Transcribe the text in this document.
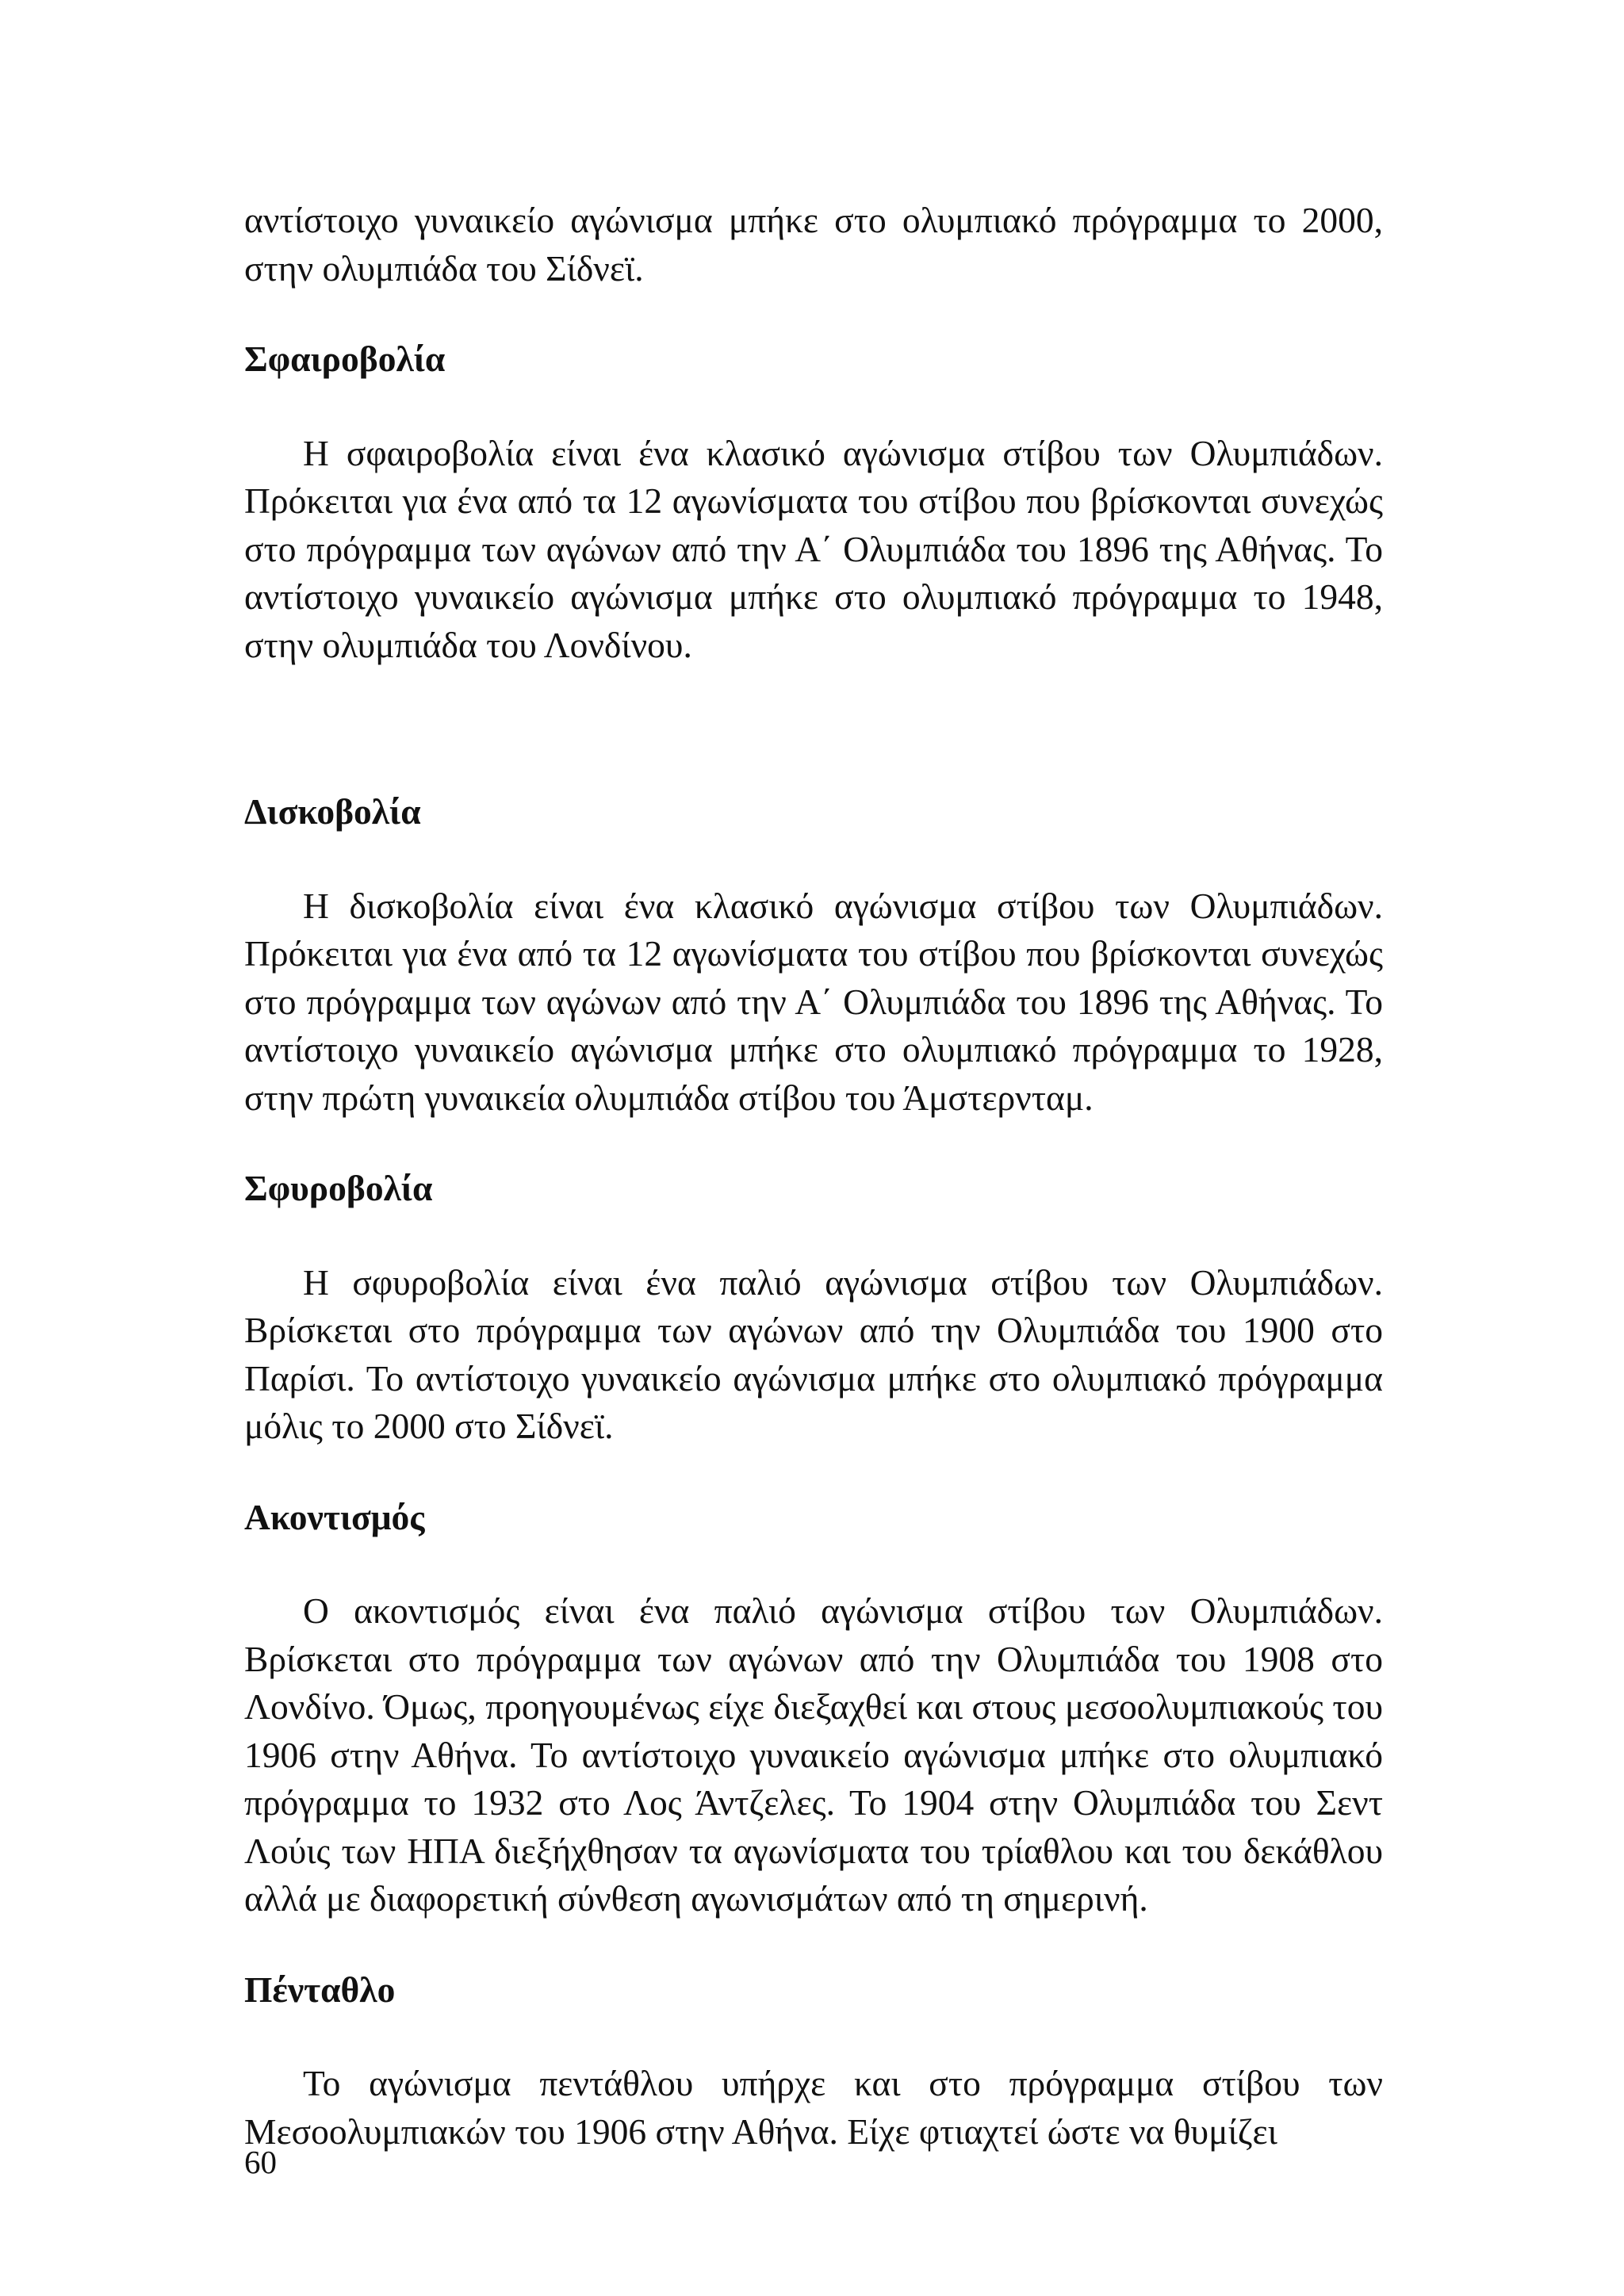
αντίστοιχο γυναικείο αγώνισμα μπήκε στο ολυμπιακό πρόγραμμα το 2000, στην ολυμπιάδα του Σίδνεϊ.

Σφαιροβολία

Η σφαιροβολία είναι ένα κλασικό αγώνισμα στίβου των Ολυμπιάδων. Πρόκειται για ένα από τα 12 αγωνίσματα του στίβου που βρίσκονται συνεχώς στο πρόγραμμα των αγώνων από την Α΄ Ολυμπιάδα του 1896 της Αθήνας. Το αντίστοιχο γυναικείο αγώνισμα μπήκε στο ολυμπιακό πρόγραμμα το 1948, στην ολυμπιάδα του Λονδίνου.

Δισκοβολία

Η δισκοβολία είναι ένα κλασικό αγώνισμα στίβου των Ολυμπιάδων. Πρόκειται για ένα από τα 12 αγωνίσματα του στίβου που βρίσκονται συνεχώς στο πρόγραμμα των αγώνων από την Α΄ Ολυμπιάδα του 1896 της Αθήνας. Το αντίστοιχο γυναικείο αγώνισμα μπήκε στο ολυμπιακό πρόγραμμα το 1928, στην πρώτη γυναικεία ολυμπιάδα στίβου του Άμστερνταμ.

Σφυροβολία

Η σφυροβολία είναι ένα παλιό αγώνισμα στίβου των Ολυμπιάδων. Βρίσκεται στο πρόγραμμα των αγώνων από την Ολυμπιάδα του 1900 στο Παρίσι. Το αντίστοιχο γυναικείο αγώνισμα μπήκε στο ολυμπιακό πρόγραμμα μόλις το 2000 στο Σίδνεϊ.

Ακοντισμός

Ο ακοντισμός είναι ένα παλιό αγώνισμα στίβου των Ολυμπιάδων. Βρίσκεται στο πρόγραμμα των αγώνων από την Ολυμπιάδα του 1908 στο Λονδίνο. Όμως, προηγουμένως είχε διεξαχθεί και στους μεσοολυμπιακούς του 1906 στην Αθήνα. Το αντίστοιχο γυναικείο αγώνισμα μπήκε στο ολυμπιακό πρόγραμμα το 1932 στο Λος Άντζελες. Το 1904 στην Ολυμπιάδα του Σεντ Λούις των ΗΠΑ διεξήχθησαν τα αγωνίσματα του τρίαθλου και του δεκάθλου αλλά με διαφορετική σύνθεση αγωνισμάτων από τη σημερινή.

Πένταθλο

Το αγώνισμα πεντάθλου υπήρχε και στο πρόγραμμα στίβου των Μεσοολυμπιακών του 1906 στην Αθήνα. Είχε φτιαχτεί ώστε να θυμίζει

60
